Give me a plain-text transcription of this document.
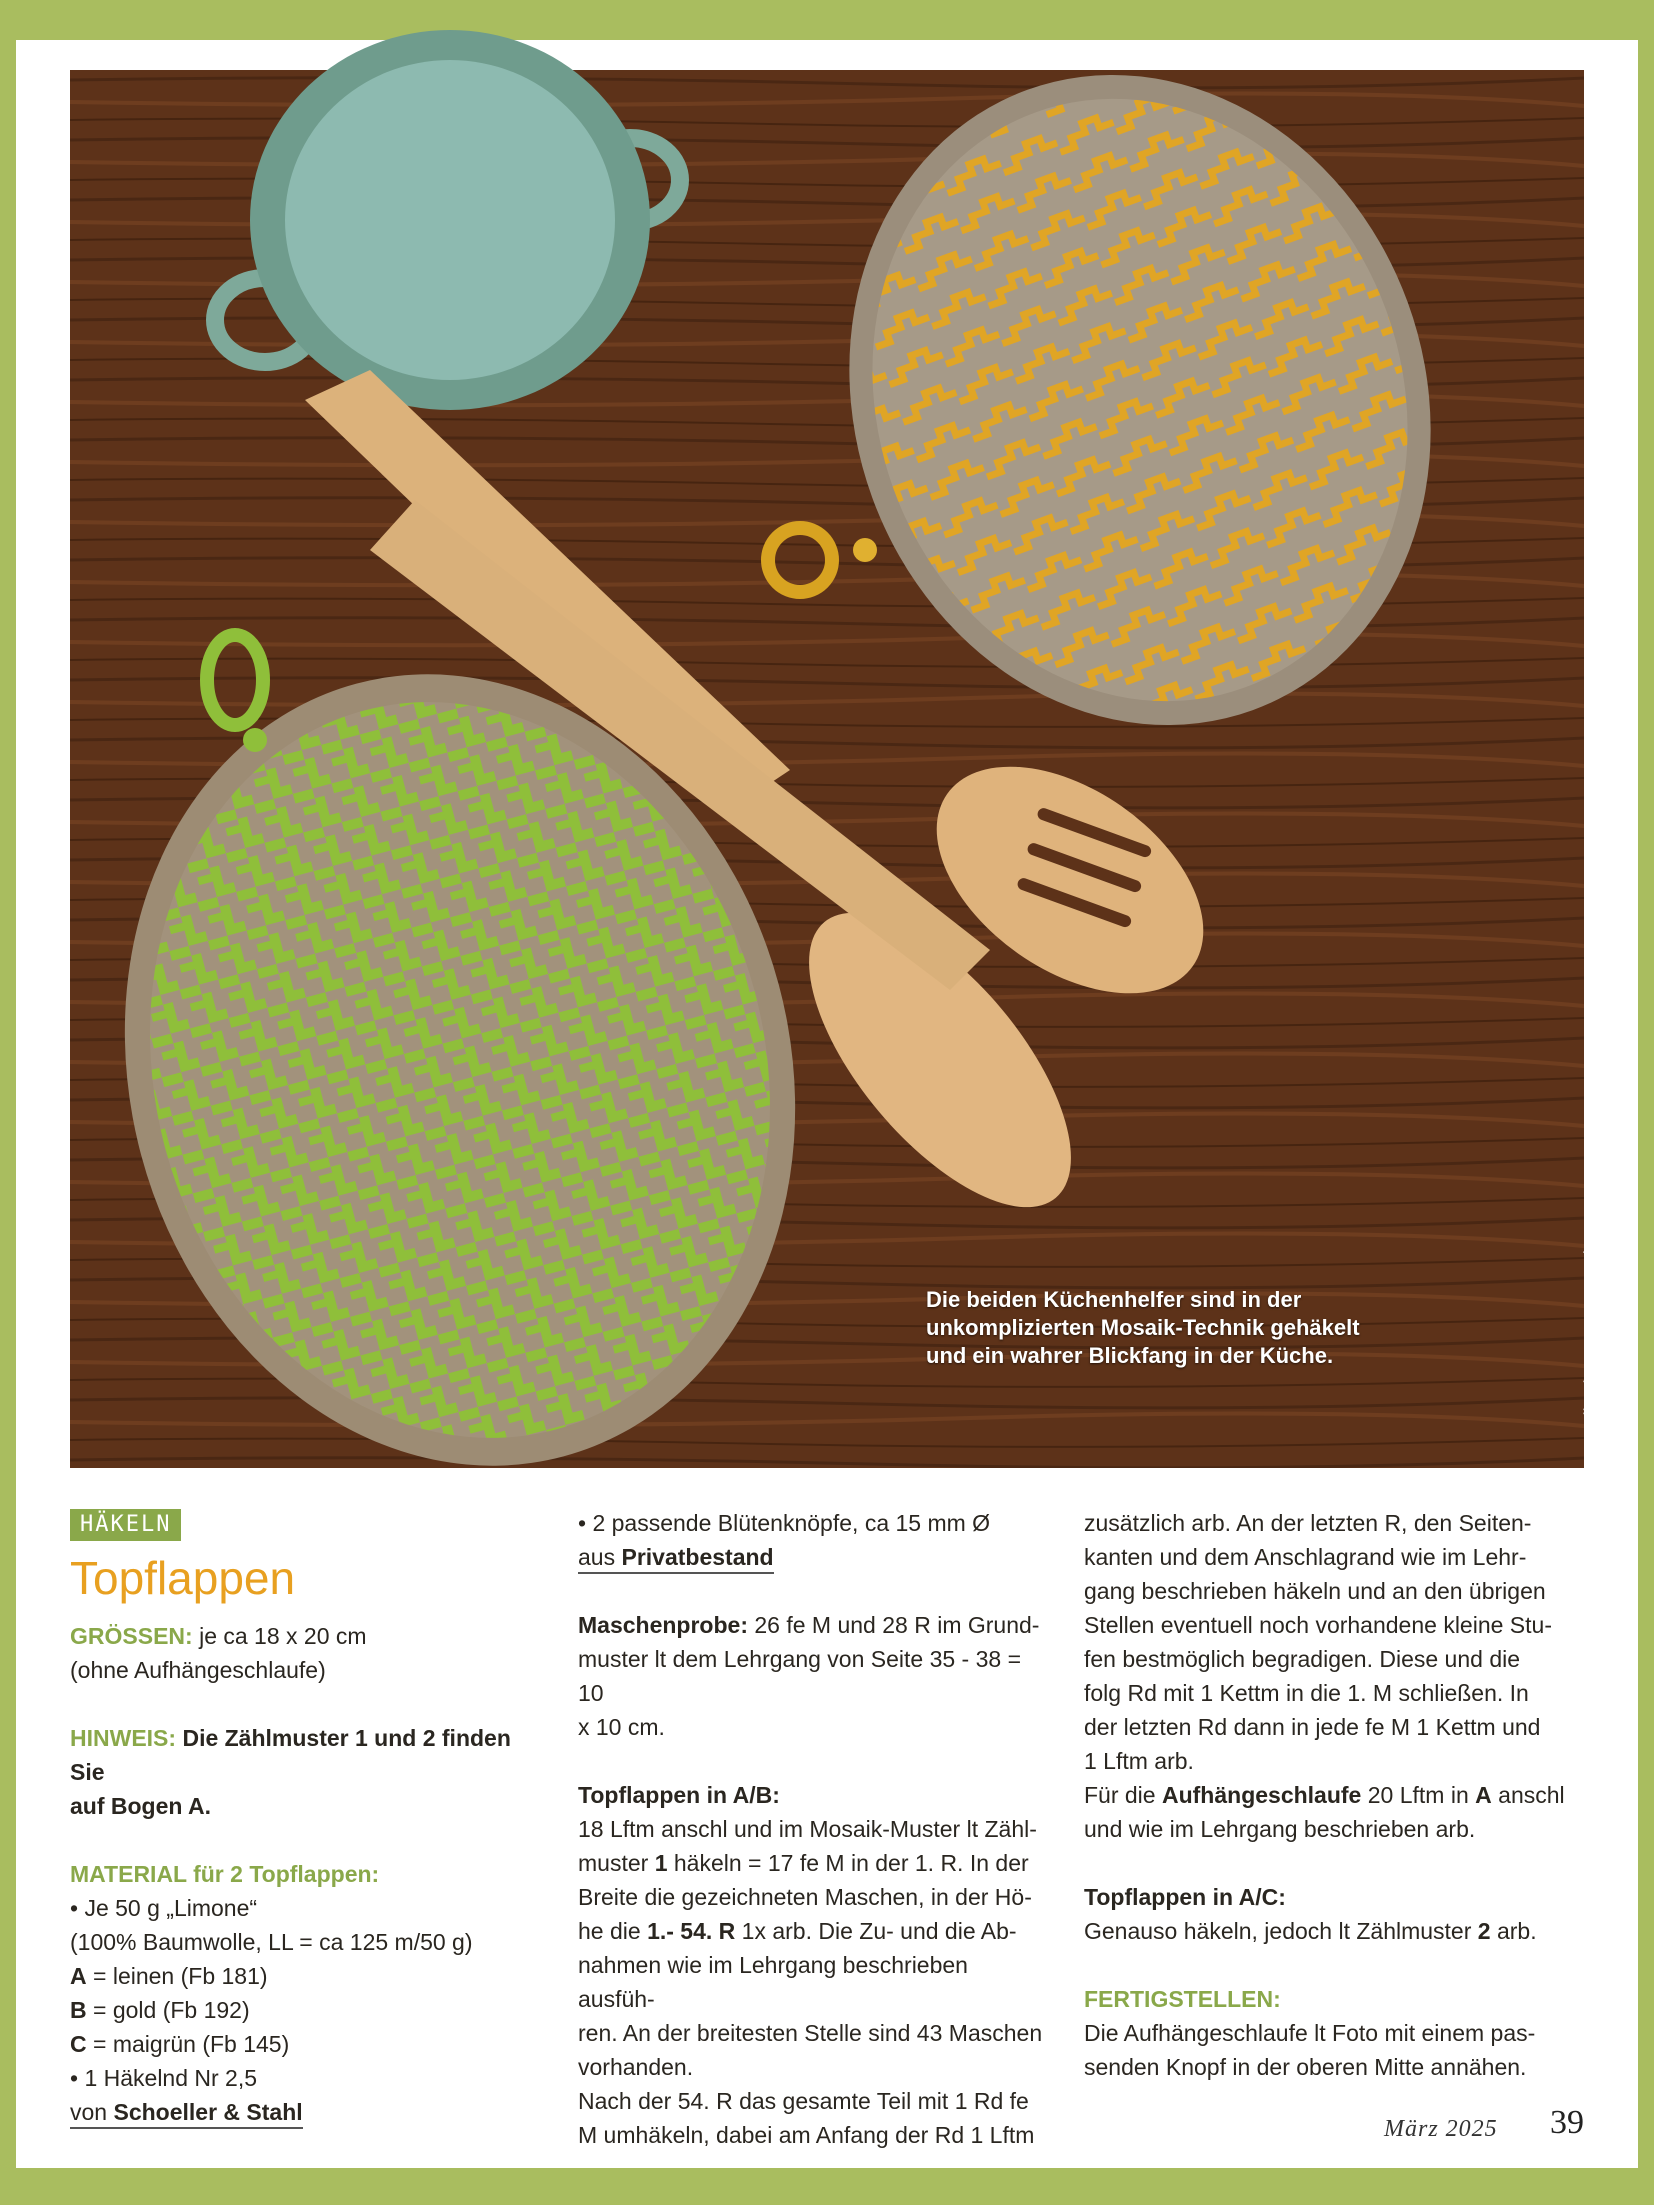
Die beiden Küchenhelfer sind in der
unkomplizierten Mosaik-Technik gehäkelt
und ein wahrer Blickfang in der Küche.	Idee + Realisation: Ina Langguth, Foto: Kenny Pool | Foto & Videoproduction, Styling: Katrin Limmer
HÄKELN
Topflappen
GRÖSSEN: je ca 18 x 20 cm
(ohne Aufhängeschlaufe)
HINWEIS: Die Zählmuster 1 und 2 finden Sie
auf Bogen A.
MATERIAL für 2 Topflappen:
• Je 50 g „Limone“
(100% Baumwolle, LL = ca 125 m/50 g)
A = leinen (Fb 181)
B = gold (Fb 192)
C = maigrün (Fb 145)
• 1 Häkelnd Nr 2,5
von Schoeller & Stahl
• 2 passende Blütenknöpfe, ca 15 mm Ø
aus Privatbestand
Maschenprobe: 26 fe M und 28 R im Grund-
muster lt dem Lehrgang von Seite 35 - 38 = 10
x 10 cm.
Topflappen in A/B:
18 Lftm anschl und im Mosaik-Muster lt Zähl-
muster 1 häkeln = 17 fe M in der 1. R. In der
Breite die gezeichneten Maschen, in der Hö-
he die 1.- 54. R 1x arb. Die Zu- und die Ab-
nahmen wie im Lehrgang beschrieben ausfüh-
ren. An der breitesten Stelle sind 43 Maschen
vorhanden.
Nach der 54. R das gesamte Teil mit 1 Rd fe
M umhäkeln, dabei am Anfang der Rd 1 Lftm
zusätzlich arb. An der letzten R, den Seiten-
kanten und dem Anschlagrand wie im Lehr-
gang beschrieben häkeln und an den übrigen
Stellen eventuell noch vorhandene kleine Stu-
fen bestmöglich begradigen. Diese und die
folg Rd mit 1 Kettm in die 1. M schließen. In
der letzten Rd dann in jede fe M 1 Kettm und
1 Lftm arb.
Für die Aufhängeschlaufe 20 Lftm in A anschl
und wie im Lehrgang beschrieben arb.
Topflappen in A/C:
Genauso häkeln, jedoch lt Zählmuster 2 arb.
FERTIGSTELLEN:
Die Aufhängeschlaufe lt Foto mit einem pas-
senden Knopf in der oberen Mitte annähen.
März 2025 39
